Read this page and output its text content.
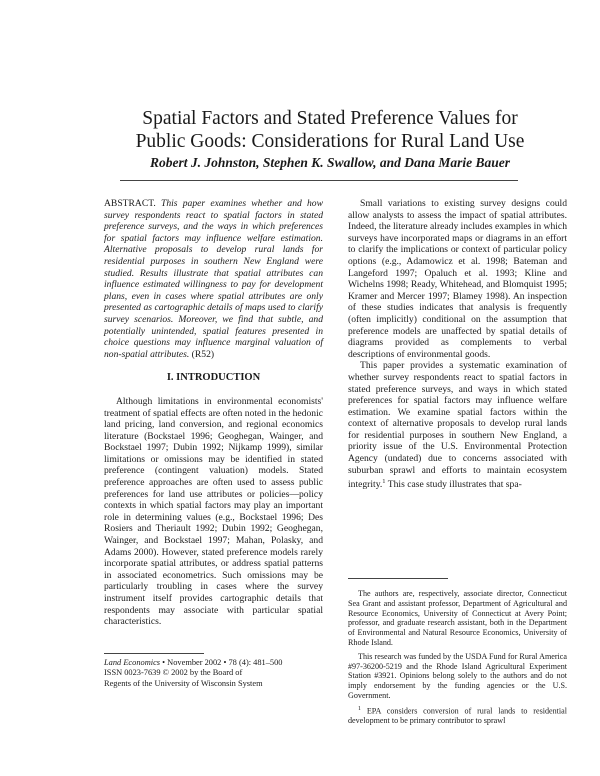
Spatial Factors and Stated Preference Values for
Public Goods: Considerations for Rural Land Use
Robert J. Johnston, Stephen K. Swallow, and Dana Marie Bauer

ABSTRACT. This paper examines whether and how survey respondents react to spatial factors in stated preference surveys, and the ways in which preferences for spatial factors may influence welfare estimation. Alternative proposals to develop rural lands for residential purposes in southern New England were studied. Results illustrate that spatial attributes can influence estimated willingness to pay for development plans, even in cases where spatial attributes are only presented as cartographic details of maps used to clarify survey scenarios. Moreover, we find that subtle, and potentially unintended, spatial features presented in choice questions may influence marginal valuation of non-spatial attributes. (R52)

I. INTRODUCTION

Although limitations in environmental economists' treatment of spatial effects are often noted in the hedonic land pricing, land conversion, and regional economics literature (Bockstael 1996; Geoghegan, Wainger, and Bockstael 1997; Dubin 1992; Nijkamp 1999), similar limitations or omissions may be identified in stated preference (contingent valuation) models. Stated preference approaches are often used to assess public preferences for land use attributes or policies—policy contexts in which spatial factors may play an important role in determining values (e.g., Bockstael 1996; Des Rosiers and Theriault 1992; Dubin 1992; Geoghegan, Wainger, and Bockstael 1997; Mahan, Polasky, and Adams 2000). However, stated preference models rarely incorporate spatial attributes, or address spatial patterns in associated econometrics. Such omissions may be particularly troubling in cases where the survey instrument itself provides cartographic details that respondents may associate with particular spatial characteristics.

Land Economics • November 2002 • 78 (4): 481–500
ISSN 0023-7639 © 2002 by the Board of
Regents of the University of Wisconsin System

Small variations to existing survey designs could allow analysts to assess the impact of spatial attributes. Indeed, the literature already includes examples in which surveys have incorporated maps or diagrams in an effort to clarify the implications or context of particular policy options (e.g., Adamowicz et al. 1998; Bateman and Langeford 1997; Opaluch et al. 1993; Kline and Wichelns 1998; Ready, Whitehead, and Blomquist 1995; Kramer and Mercer 1997; Blamey 1998). An inspection of these studies indicates that analysis is frequently (often implicitly) conditional on the assumption that preference models are unaffected by spatial details of diagrams provided as complements to verbal descriptions of environmental goods.

This paper provides a systematic examination of whether survey respondents react to spatial factors in stated preference surveys, and ways in which stated preferences for spatial factors may influence welfare estimation. We examine spatial factors within the context of alternative proposals to develop rural lands for residential purposes in southern New England, a priority issue of the U.S. Environmental Protection Agency (undated) due to concerns associated with suburban sprawl and efforts to maintain ecosystem integrity.$^1$ This case study illustrates that spa-

The authors are, respectively, associate director, Connecticut Sea Grant and assistant professor, Department of Agricultural and Resource Economics, University of Connecticut at Avery Point; professor, and graduate research assistant, both in the Department of Environmental and Natural Resource Economics, University of Rhode Island.

This research was funded by the USDA Fund for Rural America #97-36200-5219 and the Rhode Island Agricultural Experiment Station #3921. Opinions belong solely to the authors and do not imply endorsement by the funding agencies or the U.S. Government.

$^1$ EPA considers conversion of rural lands to residential development to be primary contributor to sprawl
